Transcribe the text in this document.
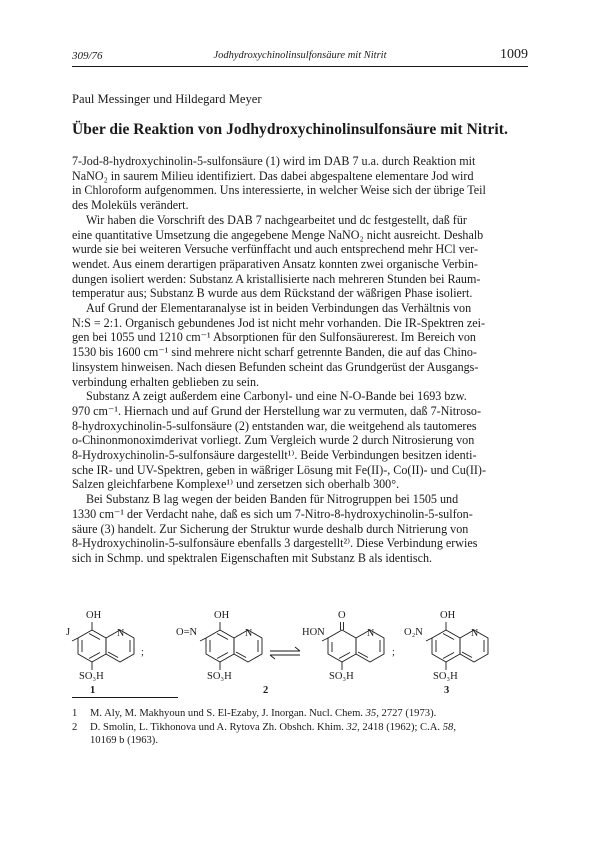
309/76	Jodhydroxychinolinsulfonsäure mit Nitrit	1009
Paul Messinger und Hildegard Meyer
Über die Reaktion von Jodhydroxychinolinsulfonsäure mit Nitrit.

7-Jod-8-hydroxychinolin-5-sulfonsäure (1) wird im DAB 7 u.a. durch Reaktion mit
NaNO₂ in saurem Milieu identifiziert. Das dabei abgespaltene elementare Jod wird
in Chloroform aufgenommen. Uns interessierte, in welcher Weise sich der übrige Teil
des Moleküls verändert.

Wir haben die Vorschrift des DAB 7 nachgearbeitet und dc festgestellt, daß für
eine quantitative Umsetzung die angegebene Menge NaNO₂ nicht ausreicht. Deshalb
wurde sie bei weiteren Versuche verfünffacht und auch entsprechend mehr HCl ver-
wendet. Aus einem derartigen präparativen Ansatz konnten zwei organische Verbin-
dungen isoliert werden: Substanz A kristallisierte nach mehreren Stunden bei Raum-
temperatur aus; Substanz B wurde aus dem Rückstand der wäßrigen Phase isoliert.

Auf Grund der Elementaranalyse ist in beiden Verbindungen das Verhältnis von
N:S = 2:1. Organisch gebundenes Jod ist nicht mehr vorhanden. Die IR-Spektren zei-
gen bei 1055 und 1210 cm⁻¹ Absorptionen für den Sulfonsäurerest. Im Bereich von
1530 bis 1600 cm⁻¹ sind mehrere nicht scharf getrennte Banden, die auf das Chino-
linsystem hinweisen. Nach diesen Befunden scheint das Grundgerüst der Ausgangs-
verbindung erhalten geblieben zu sein.

Substanz A zeigt außerdem eine Carbonyl- und eine N-O-Bande bei 1693 bzw.
970 cm⁻¹. Hiernach und auf Grund der Herstellung war zu vermuten, daß 7-Nitroso-
8-hydroxychinolin-5-sulfonsäure (2) entstanden war, die weitgehend als tautomeres
o-Chinonmonoximderivat vorliegt. Zum Vergleich wurde 2 durch Nitrosierung von
8-Hydroxychinolin-5-sulfonsäure dargestellt¹⁾. Beide Verbindungen besitzen identi-
sche IR- und UV-Spektren, geben in wäßriger Lösung mit Fe(II)-, Co(II)- und Cu(II)-
Salzen gleichfarbene Komplexe¹⁾ und zersetzen sich oberhalb 300°.

Bei Substanz B lag wegen der beiden Banden für Nitrogruppen bei 1505 und
1330 cm⁻¹ der Verdacht nahe, daß es sich um 7-Nitro-8-hydroxychinolin-5-sulfon-
säure (3) handelt. Zur Sicherung der Struktur wurde deshalb durch Nitrierung von
8-Hydroxychinolin-5-sulfonsäure ebenfalls 3 dargestellt²⁾. Diese Verbindung erwies
sich in Schmp. und spektralen Eigenschaften mit Substanz B als identisch.

OH
J	N
;
SO₃H
1
OH
O=N	N
SO₃H
O
HON	N
;
SO₃H
2
OH
O₂N	N
SO₃H
3
1 M. Aly, M. Makhyoun und S. El-Ezaby, J. Inorgan. Nucl. Chem. 35, 2727 (1973).
2 D. Smolin, L. Tikhonova und A. Rytova Zh. Obshch. Khim. 32, 2418 (1962); C.A. 58,
10169 b (1963).
